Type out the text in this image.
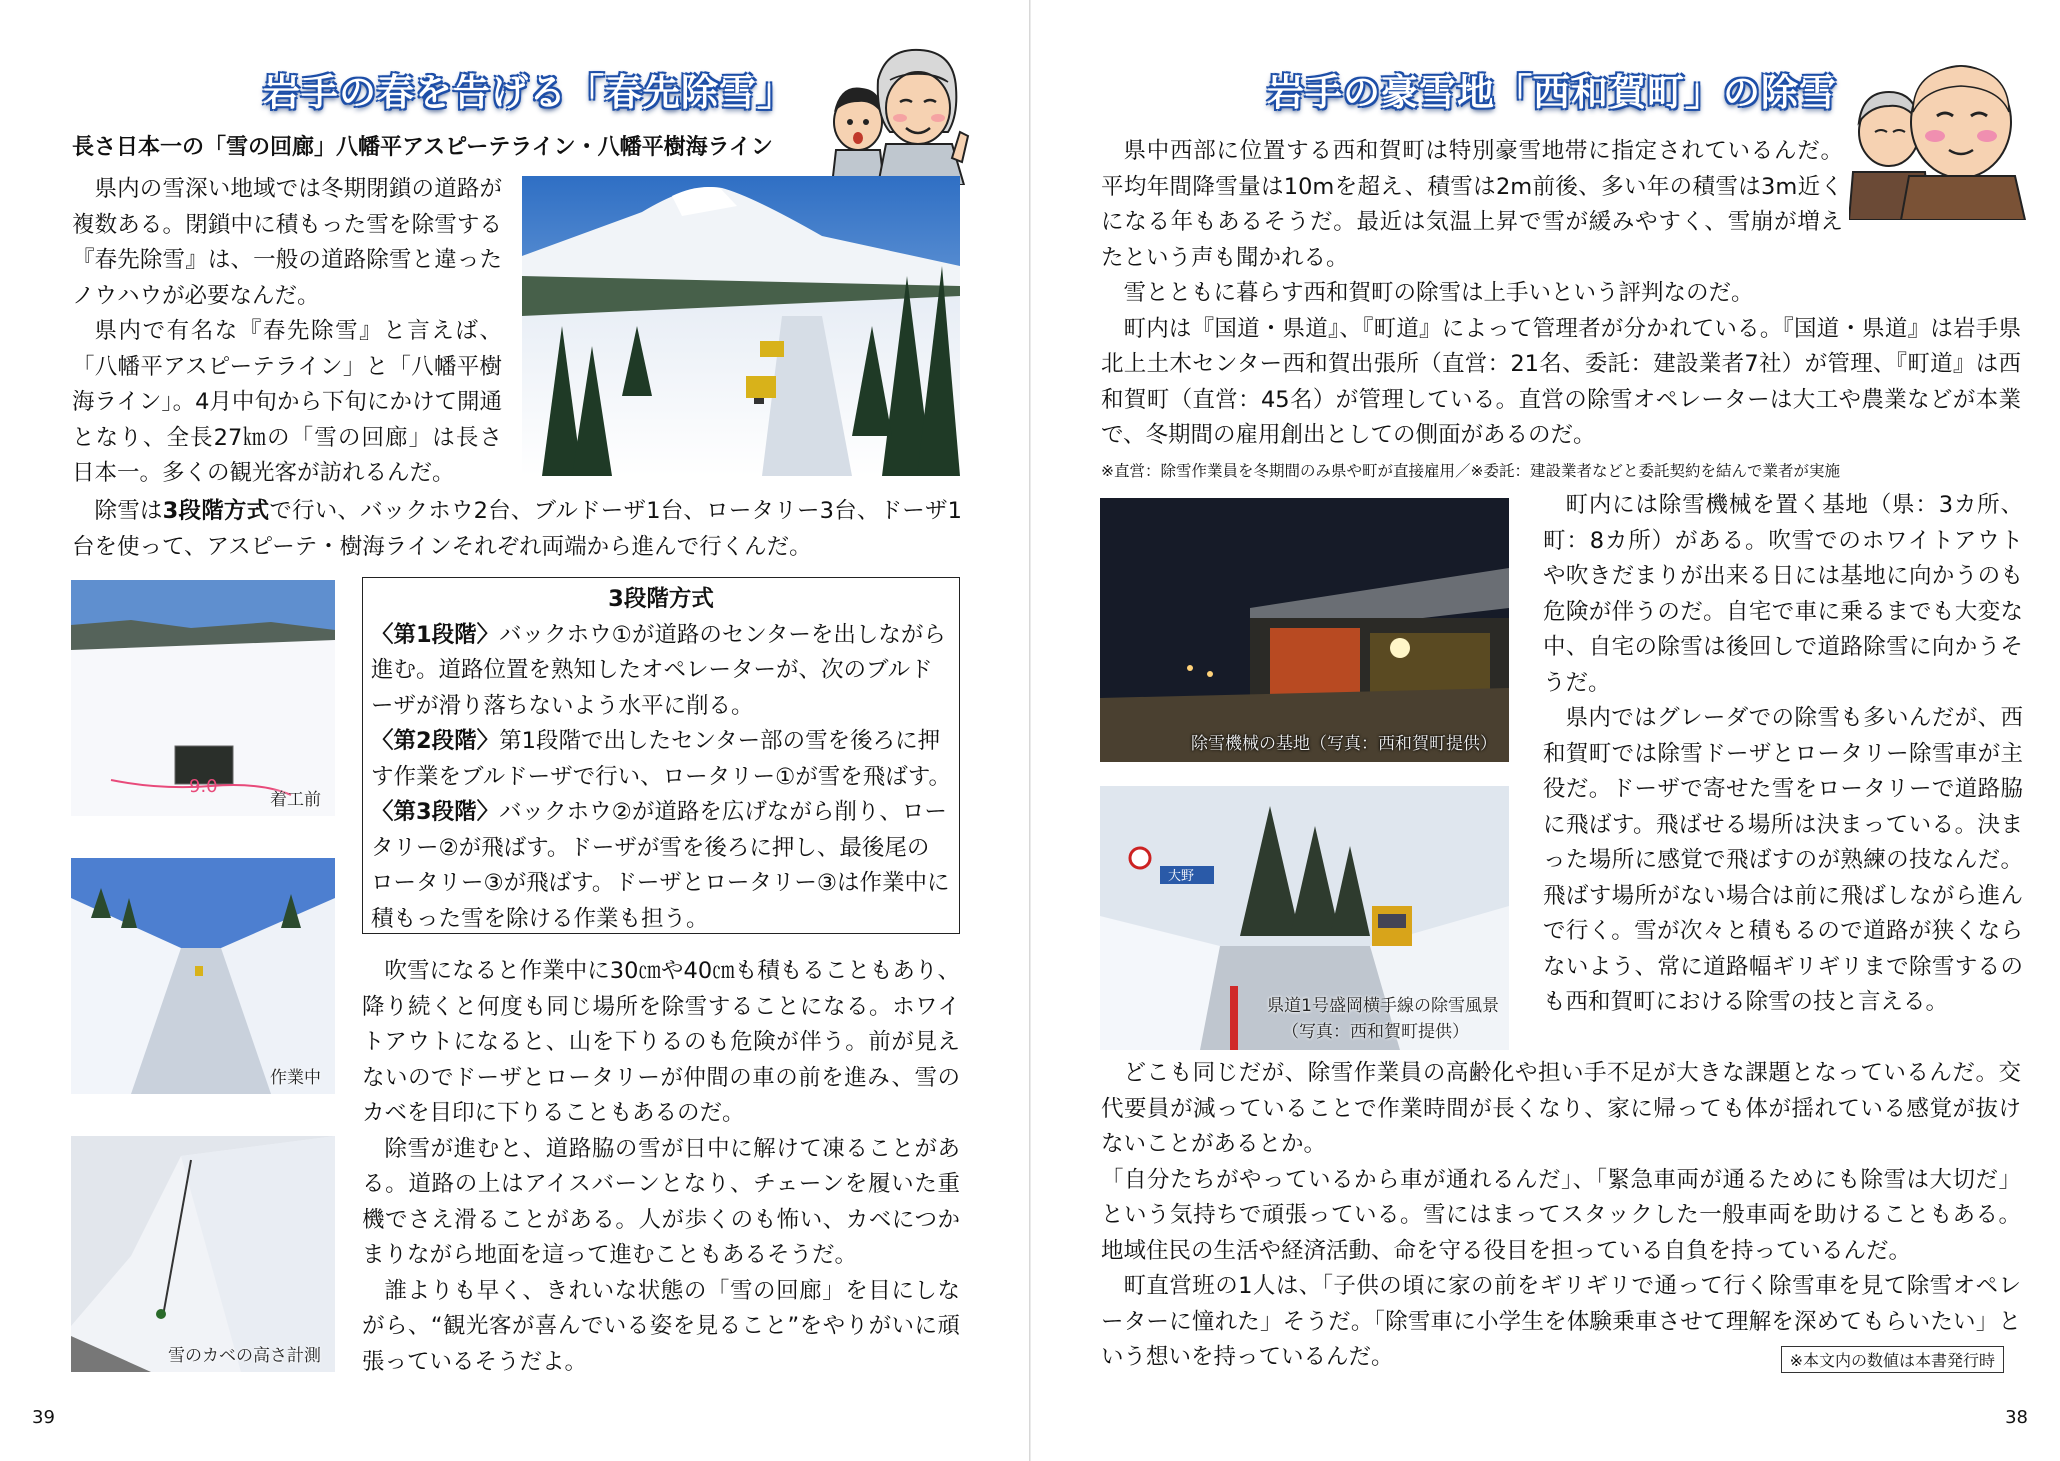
岩手の春を告げる「春先除雪」
長さ日本一の「雪の回廊」八幡平アスピーテライン・八幡平樹海ライン

県内の雪深い地域では冬期閉鎖の道路が複数ある。閉鎖中に積もった雪を除雪する『春先除雪』は、一般の道路除雪と違ったノウハウが必要なんだ。

県内で有名な『春先除雪』と言えば、「八幡平アスピーテライン」と「八幡平樹海ライン」。4月中旬から下旬にかけて開通となり、全長27㎞の「雪の回廊」は長さ日本一。多くの観光客が訪れるんだ。

除雪は3段階方式で行い、バックホウ2台、ブルドーザ1台、ロータリー3台、ドーザ1台を使って、アスピーテ・樹海ラインそれぞれ両端から進んで行くんだ。

9.0
着工前
作業中
雪のカベの高さ計測
3段階方式

〈第1段階〉バックホウ①が道路のセンターを出しながら進む。道路位置を熟知したオペレーターが、次のブルドーザが滑り落ちないよう水平に削る。

〈第2段階〉第1段階で出したセンター部の雪を後ろに押す作業をブルドーザで行い、ロータリー①が雪を飛ばす。

〈第3段階〉バックホウ②が道路を広げながら削り、ロータリー②が飛ばす。ドーザが雪を後ろに押し、最後尾のロータリー③が飛ばす。ドーザとロータリー③は作業中に積もった雪を除ける作業も担う。

吹雪になると作業中に30㎝や40㎝も積もることもあり、降り続くと何度も同じ場所を除雪することになる。ホワイトアウトになると、山を下りるのも危険が伴う。前が見えないのでドーザとロータリーが仲間の車の前を進み、雪のカベを目印に下りることもあるのだ。

除雪が進むと、道路脇の雪が日中に解けて凍ることがある。道路の上はアイスバーンとなり、チェーンを履いた重機でさえ滑ることがある。人が歩くのも怖い、カベにつかまりながら地面を這って進むこともあるそうだ。

誰よりも早く、きれいな状態の「雪の回廊」を目にしながら、“観光客が喜んでいる姿を見ること”をやりがいに頑張っているそうだよ。

39
岩手の豪雪地「西和賀町」の除雪

県中西部に位置する西和賀町は特別豪雪地帯に指定されているんだ。平均年間降雪量は10mを超え、積雪は2m前後、多い年の積雪は3m近くになる年もあるそうだ。最近は気温上昇で雪が緩みやすく、雪崩が増えたという声も聞かれる。

雪とともに暮らす西和賀町の除雪は上手いという評判なのだ。

町内は『国道・県道』、『町道』によって管理者が分かれている。『国道・県道』は岩手県北上土木センター西和賀出張所（直営：21名、委託：建設業者7社）が管理、『町道』は西和賀町（直営：45名）が管理している。直営の除雪オペレーターは大工や農業などが本業で、冬期間の雇用創出としての側面があるのだ。

※直営：除雪作業員を冬期間のみ県や町が直接雇用／※委託：建設業者などと委託契約を結んで業者が実施
除雪機械の基地（写真：西和賀町提供）
大野
県道1号盛岡横手線の除雪風景
（写真：西和賀町提供）

町内には除雪機械を置く基地（県：3カ所、町：8カ所）がある。吹雪でのホワイトアウトや吹きだまりが出来る日には基地に向かうのも危険が伴うのだ。自宅で車に乗るまでも大変な中、自宅の除雪は後回しで道路除雪に向かうそうだ。

県内ではグレーダでの除雪も多いんだが、西和賀町では除雪ドーザとロータリー除雪車が主役だ。ドーザで寄せた雪をロータリーで道路脇に飛ばす。飛ばせる場所は決まっている。決まった場所に感覚で飛ばすのが熟練の技なんだ。飛ばす場所がない場合は前に飛ばしながら進んで行く。雪が次々と積もるので道路が狭くならないよう、常に道路幅ギリギリまで除雪するのも西和賀町における除雪の技と言える。

どこも同じだが、除雪作業員の高齢化や担い手不足が大きな課題となっているんだ。交代要員が減っていることで作業時間が長くなり、家に帰っても体が揺れている感覚が抜けないことがあるとか。

「自分たちがやっているから車が通れるんだ」、「緊急車両が通るためにも除雪は大切だ」という気持ちで頑張っている。雪にはまってスタックした一般車両を助けることもある。地域住民の生活や経済活動、命を守る役目を担っている自負を持っているんだ。

町直営班の1人は、「子供の頃に家の前をギリギリで通って行く除雪車を見て除雪オペレーターに憧れた」そうだ。「除雪車に小学生を体験乗車させて理解を深めてもらいたい」という想いを持っているんだ。	※本文内の数値は本書発行時
38
